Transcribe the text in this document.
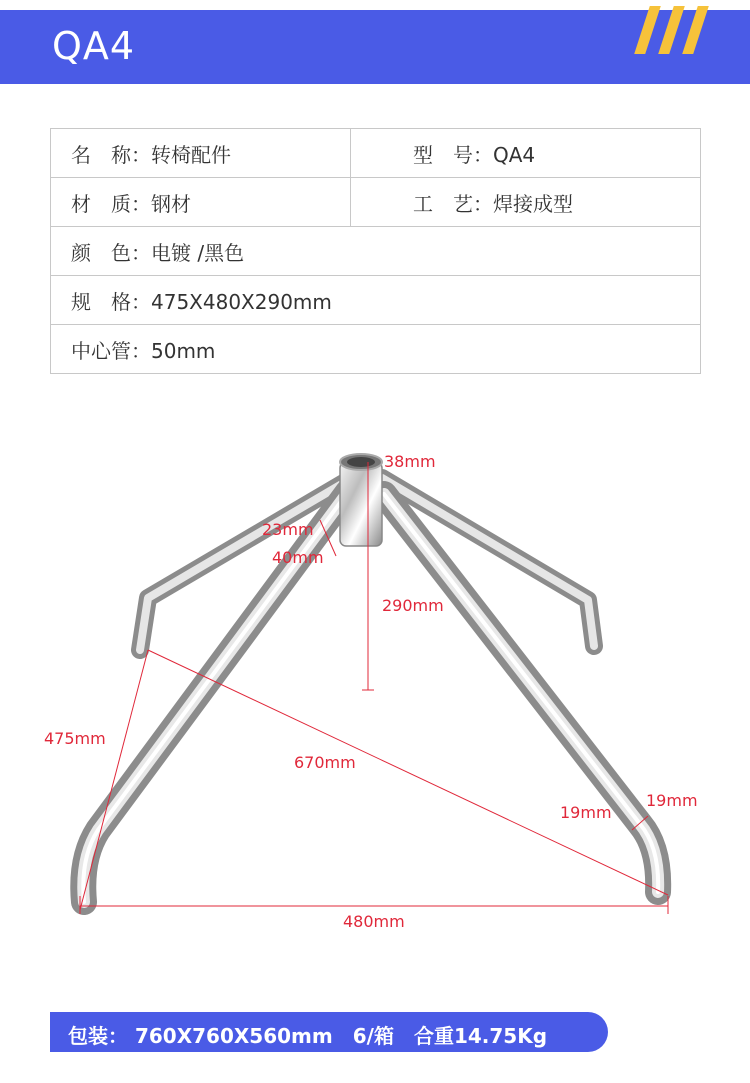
QA4
名　称：转椅配件	型　号：QA4
材　质：钢材	工　艺：焊接成型
颜　色：电镀 /黑色	
规　格：475X480X290mm	
中心管：50mm	
38mm
23mm
40mm
290mm
475mm
670mm
19mm
19mm
480mm
包装： 760X760X560mm　6/箱　合重14.75Kg
